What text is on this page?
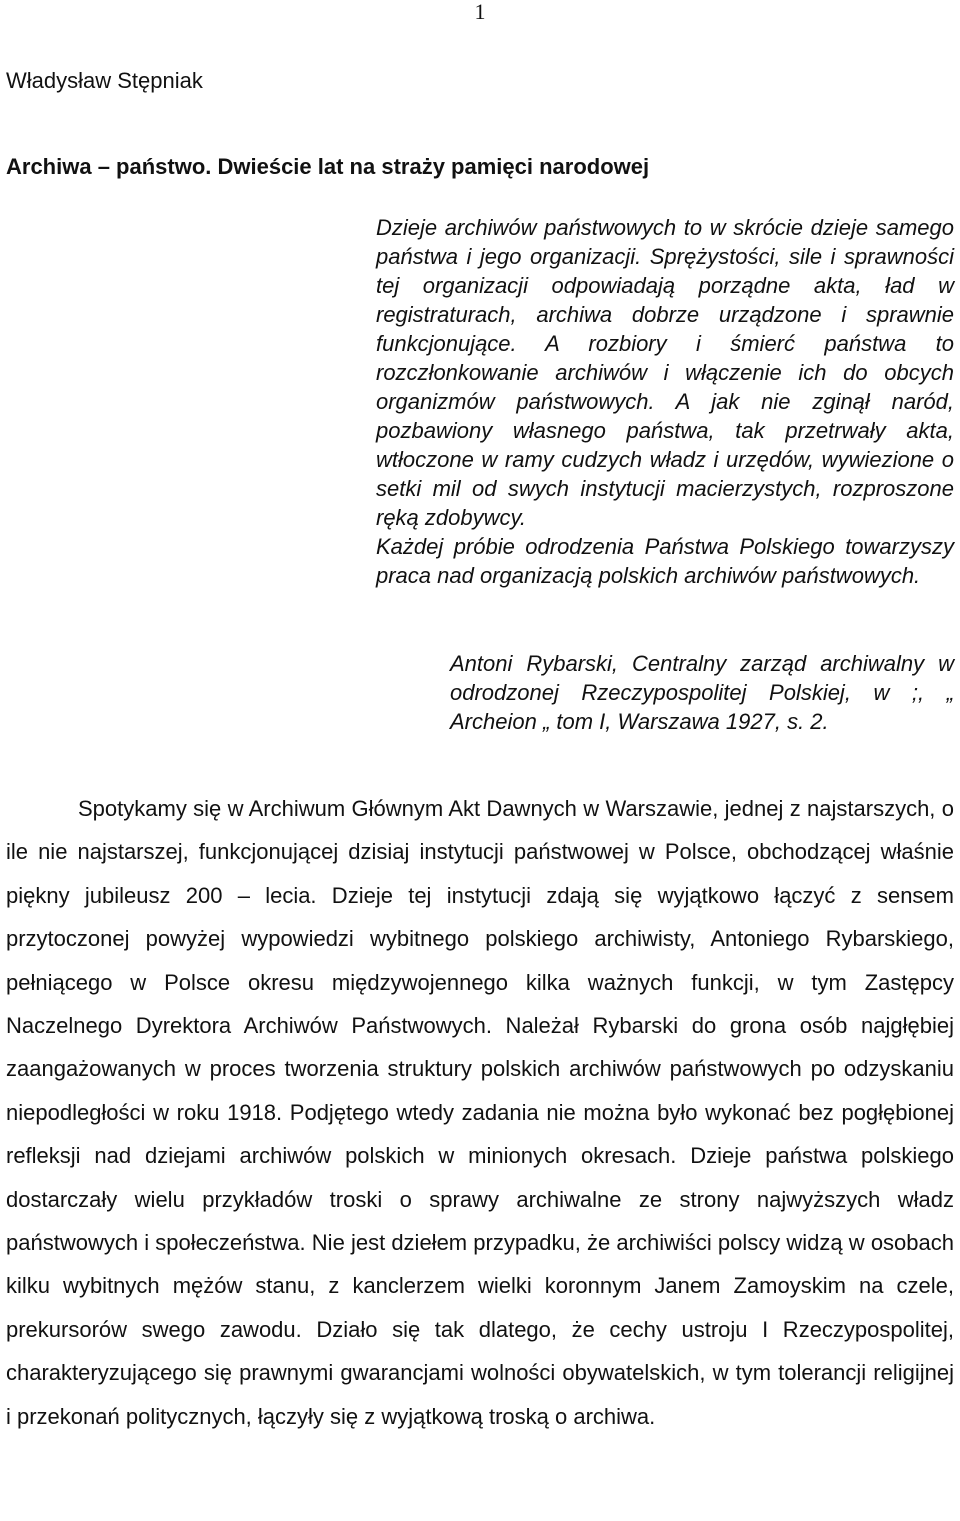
1
Władysław Stępniak
Archiwa – państwo. Dwieście lat na straży pamięci narodowej

Dzieje archiwów państwowych to w skrócie dzieje samego państwa i jego organizacji. Sprężystości, sile i sprawności tej organizacji odpowiadają porządne akta, ład w registraturach, archiwa dobrze urządzone i sprawnie funkcjonujące. A rozbiory i śmierć państwa to rozczłonkowanie archiwów i włączenie ich do obcych organizmów państwowych. A jak nie zginął naród, pozbawiony własnego państwa, tak przetrwały akta, wtłoczone w ramy cudzych władz i urzędów, wywiezione o setki mil od swych instytucji macierzystych, rozproszone ręką zdobywcy.

Każdej próbie odrodzenia Państwa Polskiego towarzyszy praca nad organizacją polskich archiwów państwowych.

Antoni Rybarski, Centralny zarząd archiwalny w odrodzonej Rzeczypospolitej Polskiej, w ;, „ Archeion „ tom I, Warszawa 1927, s. 2.

Spotykamy się w Archiwum Głównym Akt Dawnych w Warszawie, jednej z najstarszych, o ile nie najstarszej, funkcjonującej dzisiaj instytucji państwowej w Polsce, obchodzącej właśnie piękny jubileusz 200 – lecia. Dzieje tej instytucji zdają się wyjątkowo łączyć z sensem przytoczonej powyżej wypowiedzi wybitnego polskiego archiwisty, Antoniego Rybarskiego, pełniącego w Polsce okresu międzywojennego kilka ważnych funkcji, w tym Zastępcy Naczelnego Dyrektora Archiwów Państwowych. Należał Rybarski do grona osób najgłębiej zaangażowanych w proces tworzenia struktury polskich archiwów państwowych po odzyskaniu niepodległości w roku 1918. Podjętego wtedy zadania nie można było wykonać bez pogłębionej refleksji nad dziejami archiwów polskich w minionych okresach. Dzieje państwa polskiego dostarczały wielu przykładów troski o sprawy archiwalne ze strony najwyższych władz państwowych i społeczeństwa. Nie jest dziełem przypadku, że archiwiści polscy widzą w osobach kilku wybitnych mężów stanu, z kanclerzem wielki koronnym Janem Zamoyskim na czele, prekursorów swego zawodu. Działo się tak dlatego, że cechy ustroju I Rzeczypospolitej, charakteryzującego się prawnymi gwarancjami wolności obywatelskich, w tym tolerancji religijnej i przekonań politycznych, łączyły się z wyjątkową troską o archiwa.
